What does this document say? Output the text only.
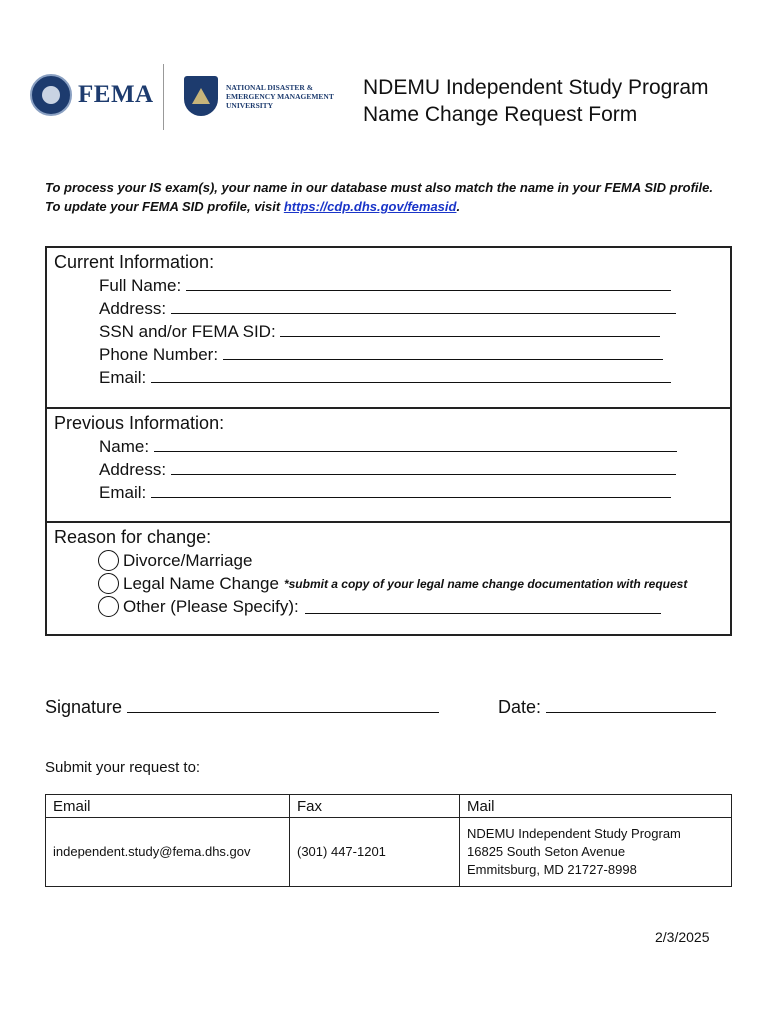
FEMA	NATIONAL DISASTER & EMERGENCY MANAGEMENT UNIVERSITY
NDEMU Independent Study Program
Name Change Request Form
To process your IS exam(s), your name in our database must also match the name in your FEMA SID profile. To update your FEMA SID profile, visit https://cdp.dhs.gov/femasid.
Current Information:
Full Name:
Address:
SSN and/or FEMA SID:
Phone Number:
Email:
Previous Information:
Name:
Address:
Email:
Reason for change:
Divorce/Marriage
Legal Name Change *submit a copy of your legal name change documentation with request
Other (Please Specify):
Signature	Date:
Submit your request to:
Email	Fax	Mail
independent.study@fema.dhs.gov	(301) 447-1201	NDEMU Independent Study Program
16825 South Seton Avenue
Emmitsburg, MD 21727-8998
2/3/2025
